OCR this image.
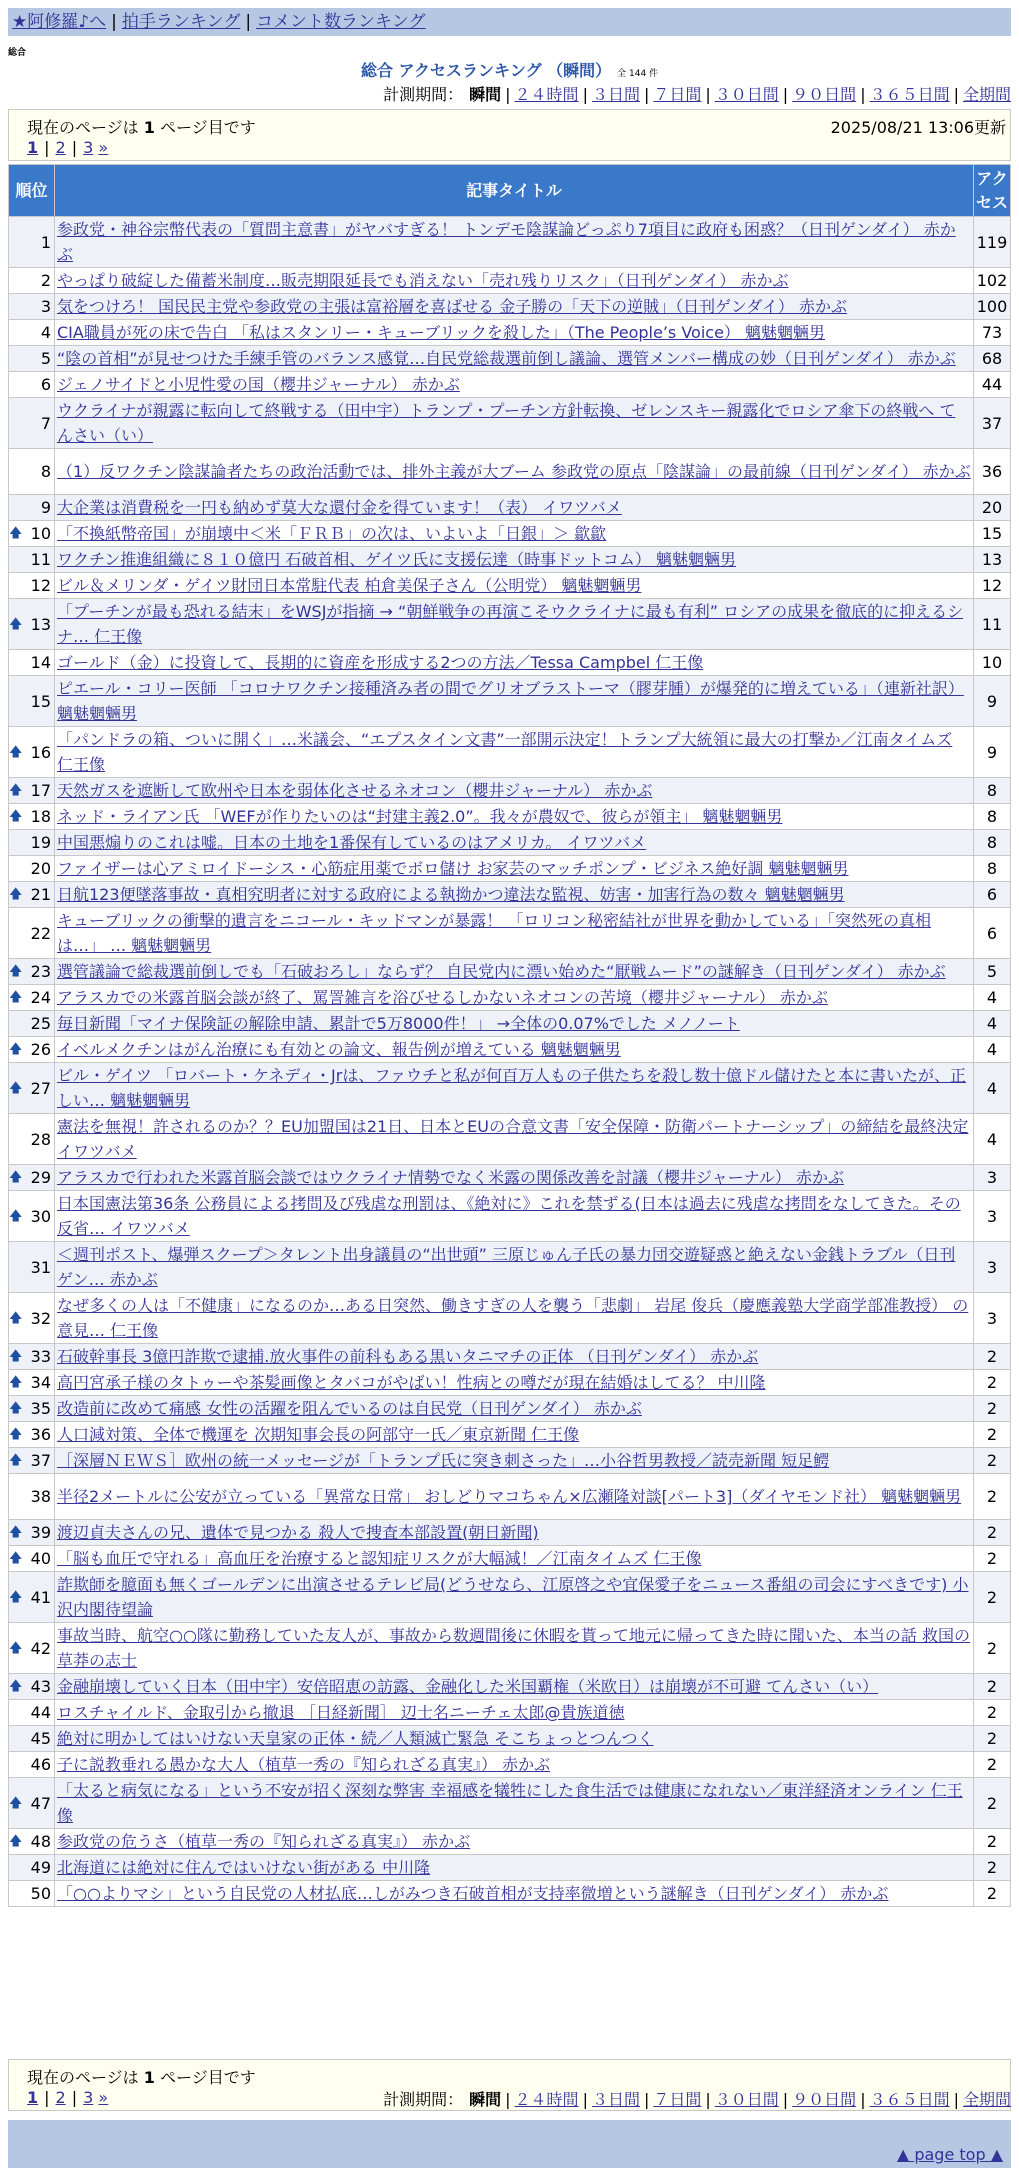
★阿修羅♪へ | 拍手ランキング | コメント数ランキング
総合
総合 アクセスランキング （瞬間） 全 144 件
計測期間： 瞬間 | ２４時間 | ３日間 | ７日間 | ３０日間 | ９０日間 | ３６５日間 | 全期間
現在のページは 1 ページ目です	2025/08/21 13:06更新
1 | 2 | 3 »
順位	記事タイトル	アクセス
1	参政党・神谷宗幣代表の「質問主意書」がヤバすぎる！ トンデモ陰謀論どっぷり7項目に政府も困惑？（日刊ゲンダイ） 赤かぶ	119
2	やっぱり破綻した備蓄米制度…販売期限延長でも消えない「売れ残りリスク」（日刊ゲンダイ） 赤かぶ	102
3	気をつけろ！ 国民民主党や参政党の主張は富裕層を喜ばせる 金子勝の「天下の逆賊」（日刊ゲンダイ） 赤かぶ	100
4	CIA職員が死の床で告白 「私はスタンリー・キューブリックを殺した」（The People’s Voice） 魑魅魍魎男	73
5	“陰の首相”が見せつけた手練手管のバランス感覚…自民党総裁選前倒し議論、選管メンバー構成の妙（日刊ゲンダイ） 赤かぶ	68
6	ジェノサイドと小児性愛の国（櫻井ジャーナル） 赤かぶ	44
7	ウクライナが親露に転向して終戦する（田中宇）トランプ・プーチン方針転換、ゼレンスキー親露化でロシア傘下の終戦へ てんさい（い）	37
8	（1）反ワクチン陰謀論者たちの政治活動では、排外主義が大ブーム 参政党の原点「陰謀論」の最前線（日刊ゲンダイ） 赤かぶ	36
9	大企業は消費税を一円も納めず莫大な還付金を得ています！（表） イワツバメ	20

🡅 10	「不換紙幣帝国」が崩壊中＜米「ＦＲＢ」の次は、いよいよ「日銀」＞ 歙歙	15
11	ワクチン推進組織に８１０億円 石破首相、ゲイツ氏に支援伝達（時事ドットコム） 魑魅魍魎男	13
12	ビル＆メリンダ・ゲイツ財団日本常駐代表 柏倉美保子さん（公明党） 魑魅魍魎男	12

🡅 13	「プーチンが最も恐れる結末」をWSJが指摘 → “朝鮮戦争の再演こそウクライナに最も有利” ロシアの成果を徹底的に抑えるシナ… 仁王像	11
14	ゴールド（金）に投資して、長期的に資産を形成する2つの方法／Tessa Campbel 仁王像	10
15	ピエール・コリー医師 「コロナワクチン接種済み者の間でグリオブラストーマ（膠芽腫）が爆発的に増えている」（連新社訳） 魑魅魍魎男	9

🡅 16	「パンドラの箱、ついに開く」…米議会、“エプスタイン文書”一部開示決定！トランプ大統領に最大の打撃か／江南タイムズ 仁王像	9

🡅 17	天然ガスを遮断して欧州や日本を弱体化させるネオコン（櫻井ジャーナル） 赤かぶ	8

🡅 18	ネッド・ライアン氏 「WEFが作りたいのは“封建主義2.0”。我々が農奴で、彼らが領主」 魑魅魍魎男	8
19	中国悪煽りのこれは嘘。日本の土地を1番保有しているのはアメリカ。 イワツバメ	8
20	ファイザーは心アミロイドーシス・心筋症用薬でボロ儲け お家芸のマッチポンプ・ビジネス絶好調 魑魅魍魎男	8

🡅 21	日航123便墜落事故・真相究明者に対する政府による執拗かつ違法な監視、妨害・加害行為の数々 魑魅魍魎男	6
22	キューブリックの衝撃的遺言をニコール・キッドマンが暴露！ 「ロリコン秘密結社が世界を動かしている」「突然死の真相は…」 … 魑魅魍魎男	6

🡅 23	選管議論で総裁選前倒しでも「石破おろし」ならず？ 自民党内に漂い始めた“厭戦ムード”の謎解き（日刊ゲンダイ） 赤かぶ	5

🡅 24	アラスカでの米露首脳会談が終了、罵詈雑言を浴びせるしかないネオコンの苦境（櫻井ジャーナル） 赤かぶ	4
25	毎日新聞「マイナ保険証の解除申請、累計で5万8000件！」 →全体の0.07%でした メノノート	4

🡅 26	イベルメクチンはがん治療にも有効との論文、報告例が増えている 魑魅魍魎男	4

🡅 27	ビル・ゲイツ 「ロバート・ケネディ・Jrは、ファウチと私が何百万人もの子供たちを殺し数十億ドル儲けたと本に書いたが、正しい… 魑魅魍魎男	4
28	憲法を無視！許されるのか？？EU加盟国は21日、日本とEUの合意文書「安全保障・防衛パートナーシップ」の締結を最終決定 イワツバメ	4

🡅 29	アラスカで行われた米露首脳会談ではウクライナ情勢でなく米露の関係改善を討議（櫻井ジャーナル） 赤かぶ	3

🡅 30	日本国憲法第36条 公務員による拷問及び残虐な刑罰は、《絶対に》これを禁ずる(日本は過去に残虐な拷問をなしてきた。その反省… イワツバメ	3
31	＜週刊ポスト、爆弾スクープ＞タレント出身議員の“出世頭” 三原じゅん子氏の暴力団交遊疑惑と絶えない金銭トラブル（日刊ゲン… 赤かぶ	3

🡅 32	なぜ多くの人は「不健康」になるのか…ある日突然、働きすぎの人を襲う「悲劇」 岩尾 俊兵（慶應義塾大学商学部准教授） の意見… 仁王像	3

🡅 33	石破幹事長 3億円詐欺で逮捕.放火事件の前科もある黒いタニマチの正体 （日刊ゲンダイ） 赤かぶ	2

🡅 34	高円宮承子様のタトゥーや茶髪画像とタバコがやばい！性病との噂だが現在結婚はしてる？ 中川隆	2

🡅 35	改造前に改めて痛感 女性の活躍を阻んでいるのは自民党（日刊ゲンダイ） 赤かぶ	2

🡅 36	人口減対策、全体で機運を 次期知事会長の阿部守一氏／東京新聞 仁王像	2

🡅 37	［深層ＮＥＷＳ］欧州の統一メッセージが「トランプ氏に突き刺さった」…小谷哲男教授／読売新聞 短足鰐	2
38	半径2メートルに公安が立っている「異常な日常」 おしどりマコちゃん×広瀬隆対談[パート3]（ダイヤモンド社） 魑魅魍魎男	2

🡅 39	渡辺貞夫さんの兄、遺体で見つかる 殺人で捜査本部設置(朝日新聞)	2

🡅 40	「脳も血圧で守れる」高血圧を治療すると認知症リスクが大幅減！／江南タイムズ 仁王像	2

🡅 41	詐欺師を臆面も無くゴールデンに出演させるテレビ局(どうせなら、江原啓之や宜保愛子をニュース番組の司会にすべきです) 小沢内閣待望論	2

🡅 42	事故当時、航空○○隊に勤務していた友人が、事故から数週間後に休暇を貰って地元に帰ってきた時に聞いた、本当の話 救国の草莽の志士	2

🡅 43	金融崩壊していく日本（田中宇）安倍昭恵の訪露、金融化した米国覇権（米欧日）は崩壊が不可避 てんさい（い）	2
44	ロスチャイルド、金取引から撤退 ［日経新聞］ 辺士名ニーチェ太郎@貴族道徳	2
45	絶対に明かしてはいけない天皇家の正体・続／人類滅亡緊急 そこちょっとつんつく	2
46	子に説教垂れる愚かな大人（植草一秀の『知られざる真実』） 赤かぶ	2

🡅 47	「太ると病気になる」という不安が招く深刻な弊害 幸福感を犠牲にした食生活では健康になれない／東洋経済オンライン 仁王像	2

🡅 48	参政党の危うさ（植草一秀の『知られざる真実』） 赤かぶ	2
49	北海道には絶対に住んではいけない街がある 中川隆	2
50	「○○よりマシ」という自民党の人材払底…しがみつき石破首相が支持率微増という謎解き（日刊ゲンダイ） 赤かぶ	2
現在のページは 1 ページ目です
1 | 2 | 3 »	計測期間： 瞬間 | ２４時間 | ３日間 | ７日間 | ３０日間 | ９０日間 | ３６５日間 | 全期間
▲ page top ▲
